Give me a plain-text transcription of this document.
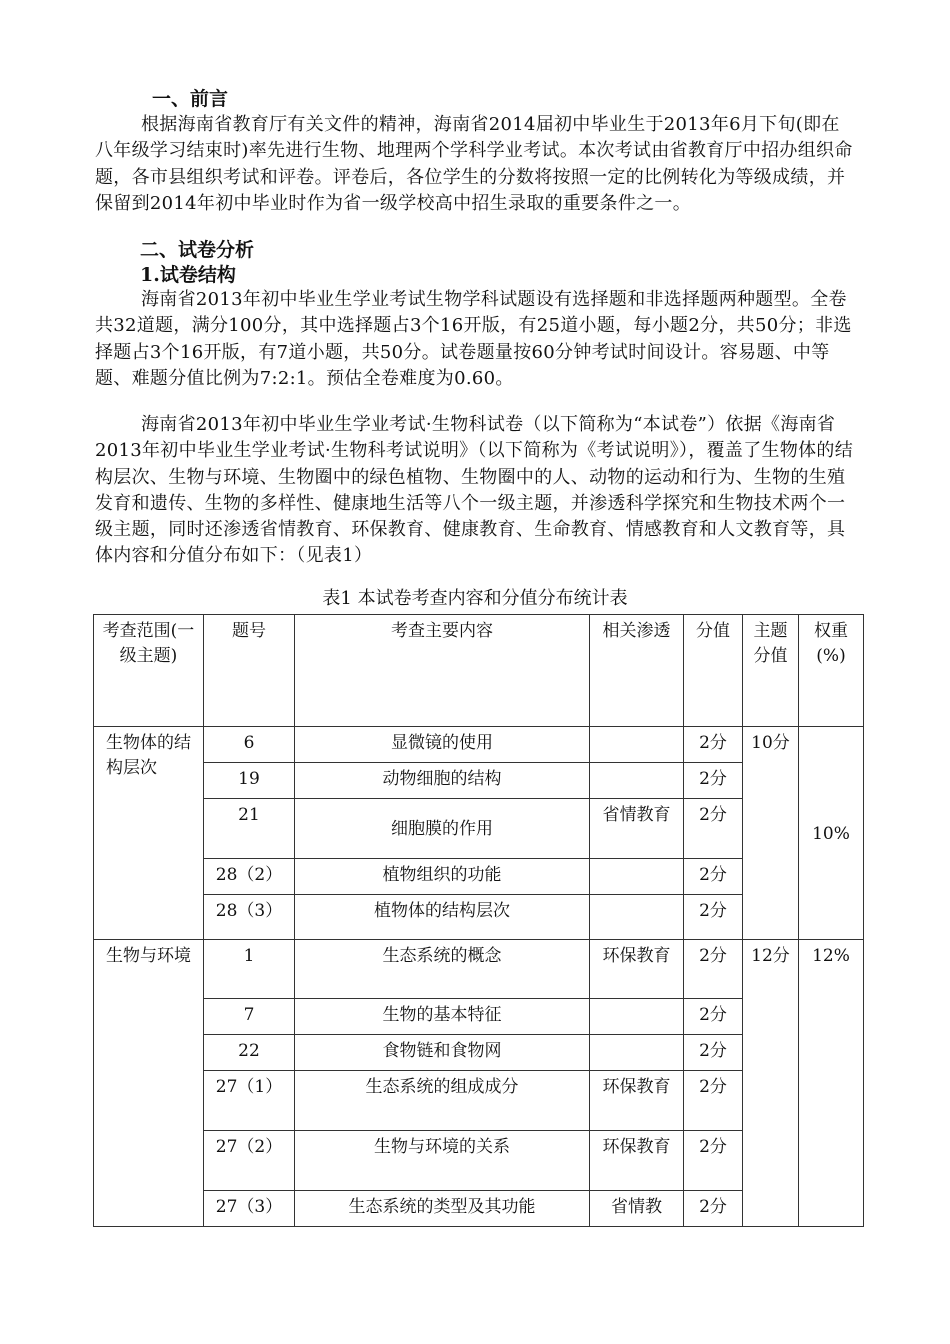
一、前言
根据海南省教育厅有关文件的精神，海南省2014届初中毕业生于2013年6月下旬(即在八年级学习结束时)率先进行生物、地理两个学科学业考试。本次考试由省教育厅中招办组织命题，各市县组织考试和评卷。评卷后，各位学生的分数将按照一定的比例转化为等级成绩，并保留到2014年初中毕业时作为省一级学校高中招生录取的重要条件之一。
二、试卷分析
1.试卷结构
海南省2013年初中毕业生学业考试生物学科试题设有选择题和非选择题两种题型。全卷共32道题，满分100分，其中选择题占3个16开版，有25道小题，每小题2分，共50分；非选择题占3个16开版，有7道小题，共50分。试卷题量按60分钟考试时间设计。容易题、中等题、难题分值比例为7:2:1。预估全卷难度为0.60。
海南省2013年初中毕业生学业考试·生物科试卷（以下简称为“本试卷”）依据《海南省2013年初中毕业生学业考试·生物科考试说明》（以下简称为《考试说明》），覆盖了生物体的结构层次、生物与环境、生物圈中的绿色植物、生物圈中的人、动物的运动和行为、生物的生殖发育和遗传、生物的多样性、健康地生活等八个一级主题，并渗透科学探究和生物技术两个一级主题，同时还渗透省情教育、环保教育、健康教育、生命教育、情感教育和人文教育等，具体内容和分值分布如下：（见表1）
表1 本试卷考查内容和分值分布统计表
考查范围(一级主题)	题号	考查主要内容	相关渗透	分值	主题分值	权重(%)
生物体的结构层次	6	显微镜的使用		2分	10分	10%
	19	动物细胞的结构		2分		
	21	细胞膜的作用	省情教育	2分		
	28（2）	植物组织的功能		2分		
	28（3）	植物体的结构层次		2分		
生物与环境	1	生态系统的概念	环保教育	2分	12分	12%
	7	生物的基本特征		2分		
	22	食物链和食物网		2分		
	27（1）	生态系统的组成成分	环保教育	2分		
	27（2）	生物与环境的关系	环保教育	2分		
	27（3）	生态系统的类型及其功能	省情教	2分		
